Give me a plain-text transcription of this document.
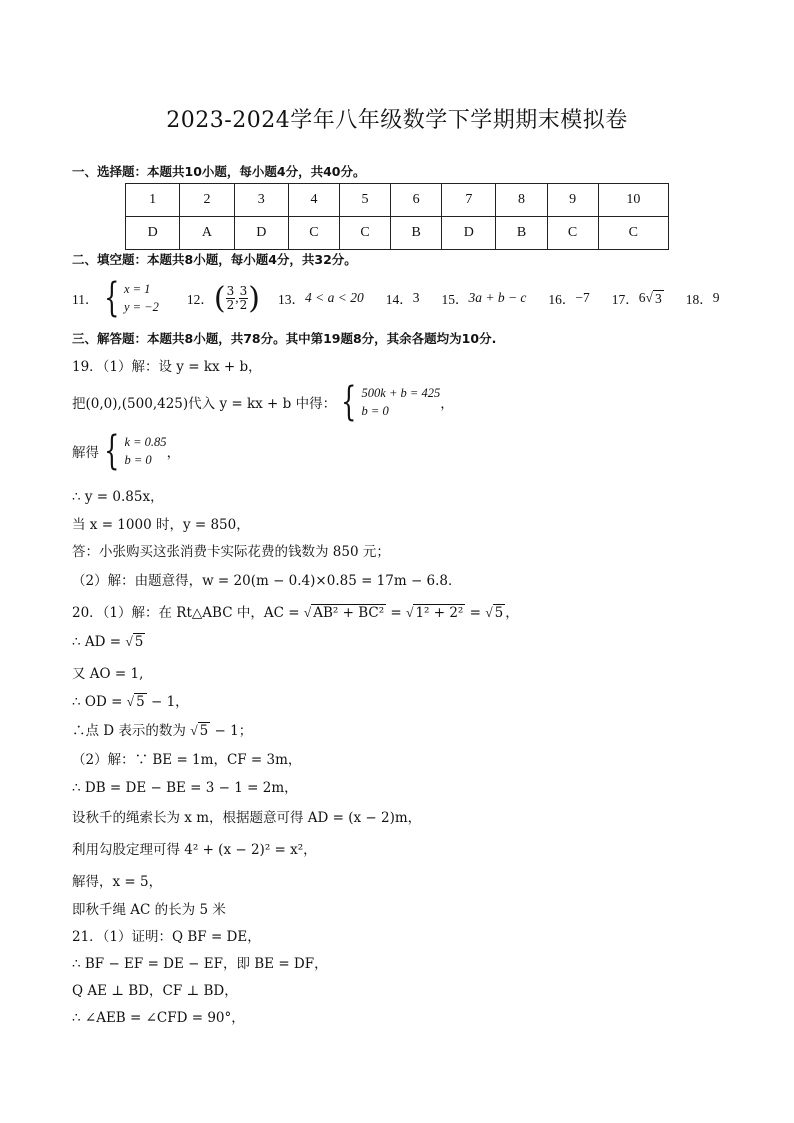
2023-2024学年八年级数学下学期期末模拟卷
一、选择题：本题共10小题，每小题4分，共40分。
1	2	3	4	5	6	7	8	9	10
D	A	D	C	C	B	D	B	C	C
二、填空题：本题共8小题，每小题4分，共32分。
11． { x = 1
y = −2 12． ( $\frac{3}{2}$ , $\frac{3}{2}$ ) 13． 4 < a < 20 14． 3 15． 3a + b − c 16． −7 17． 6 √ 3 18． 9
三、解答题：本题共8小题，共78分。其中第19题8分，其余各题均为10分.
19．（1）解：设 y = kx + b，
把(0,0),(500,425)代入 y = kx + b 中得： { 500k + b = 425
b = 0	，
解得 { k = 0.85
b = 0	，
∴ y = 0.85x，
当 x = 1000 时，y = 850，
答：小张购买这张消费卡实际花费的钱数为 850 元；
（2）解：由题意得，w = 20(m − 0.4)×0.85 = 17m − 6.8．
20．（1）解：在 Rt△ABC 中，AC = √ AB² + BC² = √ 1² + 2² = √ 5 ，
∴ AD = √ 5
又 AO = 1,
∴ OD = √ 5 − 1，
∴点 D 表示的数为 √ 5 − 1；
（2）解：∵ BE = 1m，CF = 3m，
∴ DB = DE − BE = 3 − 1 = 2m，
设秋千的绳索长为 x m，根据题意可得 AD = (x − 2)m，
利用勾股定理可得 4² + (x − 2)² = x²，
解得，x = 5，
即秋千绳 AC 的长为 5 米
21．（1）证明：Q BF = DE，
∴ BF − EF = DE − EF，即 BE = DF，
Q AE ⊥ BD，CF ⊥ BD，
∴ ∠AEB = ∠CFD = 90°，
